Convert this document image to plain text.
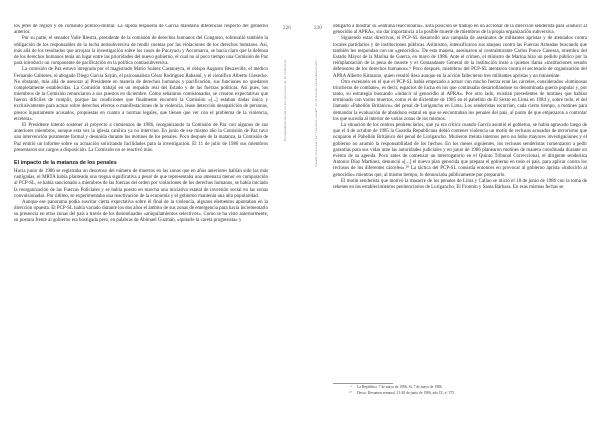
los jefes de región y de comando político-militar. La rápida respuesta de García mandaría diferencias respecto del gobierno anterior.

Por su parte, el senador Valle Riestra, presidente de la comisión de derechos humanos del Congreso, sobresalió también la obligación de los responsables de la lucha antisubversiva de rendir cuentas por las violaciones de los derechos humanos. Así, más allá de los resultados que arrojara la investigación sobre los casos de Pucayacu y Accomarca, se hacía claro que la defensa de los derechos humanos tenía un lugar entre las prioridades del nuevo gobierno, el cual no al poco tiempo una Comisión de Paz para introducir un componente de pacificación en la política contrasubversiva.

La comisión de Paz estuvo integrada por el magistrado Mario Suárez Castaneyra, el obispo Augusto Beuzeville, el médico Fernando Cabieses, el abogado Diego García Sayán, el psicoanalista César Rodríguez Rabanal, y el científico Alberto Giesecke. No obstante, más allá de asesorar al Presidente en materia de derechos humanos y pacificación, sus funciones no quedaron completamente establecidas. La Comisión trabajó en un respaldo real del Estado y de las fuerzas políticas. Así pues, los miembros de la Comisión renunciaron a sus puestos en diciembre. Como señalaron comisionados, se crearon expectativas que fueron difíciles de cumplir, porque las condiciones que finalmente encontró la Comisión «[...] estaban dadas única y exclusivamente para actuar sobre derechos efectos o manifestaciones de la violencia, léase detección desaparición de personas, presos injustamente acusados, propuestas en cuanto a normas legales, que tienen que ver con el problema de la violencia, etcétera».

El Presidente intentó sostener el proyecto a comienzos de 1986, reorganizando la Comisión de Paz con algunos de sus anteriores miembros, aunque esta vez la iglesia católica ya no intervino. En junio de ese mismo año la Comisión de Paz tuvo una intervención puramente formal y desunida durante los motines de los penales. Poco después de la matanza, la Comisión de Paz emitió un informe sobre su actuación solicitando facilidades para la investigación. El 11 de julio de 1986 sus miembros presentaron sus cargos a disposición. La Comisión no se reactivó más.

El impacto de la matanza de los penales

Hacia junio de 1986 se registraba un descenso del número de muertos en las zonas que en años anteriores habían sido las más castigadas, el MRTA había planteado una tregua significativa a pesar de que representaba una amenaza menor en comparación al PCP-SL, se había sancionado a miembros de las fuerzas del orden por violaciones de los derechos humanos, se había iniciado la reorganización de las Fuerzas Policiales y se había puesto en marcha una iniciativa estatal de inversión social en las zonas convulsionadas. Por último, se experimentaba una reactivación de la economía y el gobierno mantenía una alta popularidad.

Aunque ese panorama podía suscitar cierta expectativa sobre el final de la violencia, algunos elementos apuntaban en la dirección opuesta. El PCP-SL había variado durante los dos años el ámbito de sus zonas de emergencia para hacia incrementarlo su presencia en otras zonas del país a través de los denominados «aniquilamientos selectivos». Como se ha visto anteriormente, su postura frente al gobierno era hostigada pero, en palabras de Abimael Guzmán, «quitarle la careta progresista» y

226
Desigualdad racial en los procesos de la violencia
230
Pasado presente: la “cuestión racial” en el debate latinoamericano

obligarlo a mostrar su «entraña reaccionaria». Esta posición se tradujo en un accionar de la dirección senderista para «inducir al genocidio al APRA», sin dar importancia a la posible muerte de miembros de la propia organización subversiva.

Siguiendo estas directivas, el PCP-SL desarrolló una campaña de asesinatos de militantes apristas y de atentados contra locales partidarios y de instituciones públicas. Asimismo, intensificaron sus ataques contra las Fuerzas Armadas buscando que también les respondan con un «genocidio». De esta manera, asesinaron al contralmirante Carlos Ponce Canessa, miembro del Estado Mayor de la Marina de Guerra, en mayo de 1986. Ante el crimen, el ministro de Marina hizo un pedido público por la reimplantación de la pena de muerte y el Comandante General de la institución instó a quienes llama «instituciones sesudo defensores de los derechos humanos».⁶ Poco después, miembros del PCP-SL atentaron contra el secretario de organización del APRA Alberto Kitazono, quien resultó ileso aunque en la acción fallecieron tres militantes apristas y un transeúnte.

Otro escenario en el que el PCP-SL había empezado a actuar con mucho fuerza eran las cárceles, considerados «luminosas trincheras de combate», es decir, espacios de lucha en los que continuaba desarrollándose su denominada guerra popular y, por tanto, su estrategia buscando «inducir al genocidio al APRA». Por otro lado, existían precedentes de motines que habían terminado con varios muertos, como el de diciembre de 1985 en el pabellón de El Sexto en Lima en 1984 y, sobre todo, el del llamado «Pabellón Británico» del penal de Lurigancho en Lima. Los senderistas recurrían, cada cierto tiempo, a motines para demandar la evaluación de abandono estatal en que se encontraban los penales del país, al punto de que empezaron a controlar los que sucedía al interior de varias zonas de los mismos.

La situación de los centros penitenciarios, que ya era crítica cuando García asumió el gobierno, se había agravado luego de que el 4 de octubre de 1985 la Guardia Republicana debió contener violencia un motín de reclusos acusados de terrorismo que ocuparon el Pabellón Británico del penal de Lurigancho. Murieron treinta internos pero no hubo mayores investigaciones y el gobierno no asumió la responsabilidad de los hechos. En los meses siguientes, los reclusos senderistas comenzaron a pedir garantías para sus vidas ante las autoridades judiciales y en junio de 1986 planearon motines de manera coordinada durante un evento de su agenda. Poco antes de comenzar un interrogatorio en el Quinto Tribunal Correccional, el dirigente senderista Antonio Díaz Martínez, denunció «[...] el nuevo plan genocida que prepara el gobierno en todo el país, para aplicar contra los reclusos de los diferentes cárceles».¹⁰ La táctica del PCP-SL consistía entonces en provocar al gobierno aprista «inducirlo al genocidio» mientras que, al mismo tiempo, lo denunciaba públicamente por prepararlo.

El motín senderista que motivó la masacre de los penales de Lima y Callao se inició el 18 de junio de 1986 con la toma de rehenes en los establecimientos penitenciarios de Lurigancho, El Frontón y Santa Bárbara. En esas mismas fechas se

⁶ La República, 7 de mayo de 1986; Sí, 7 de mayo de 1986.
¹⁰ Desco. Resumen semanal, 13-20 de junio de 1986, año IX, nº 375.
